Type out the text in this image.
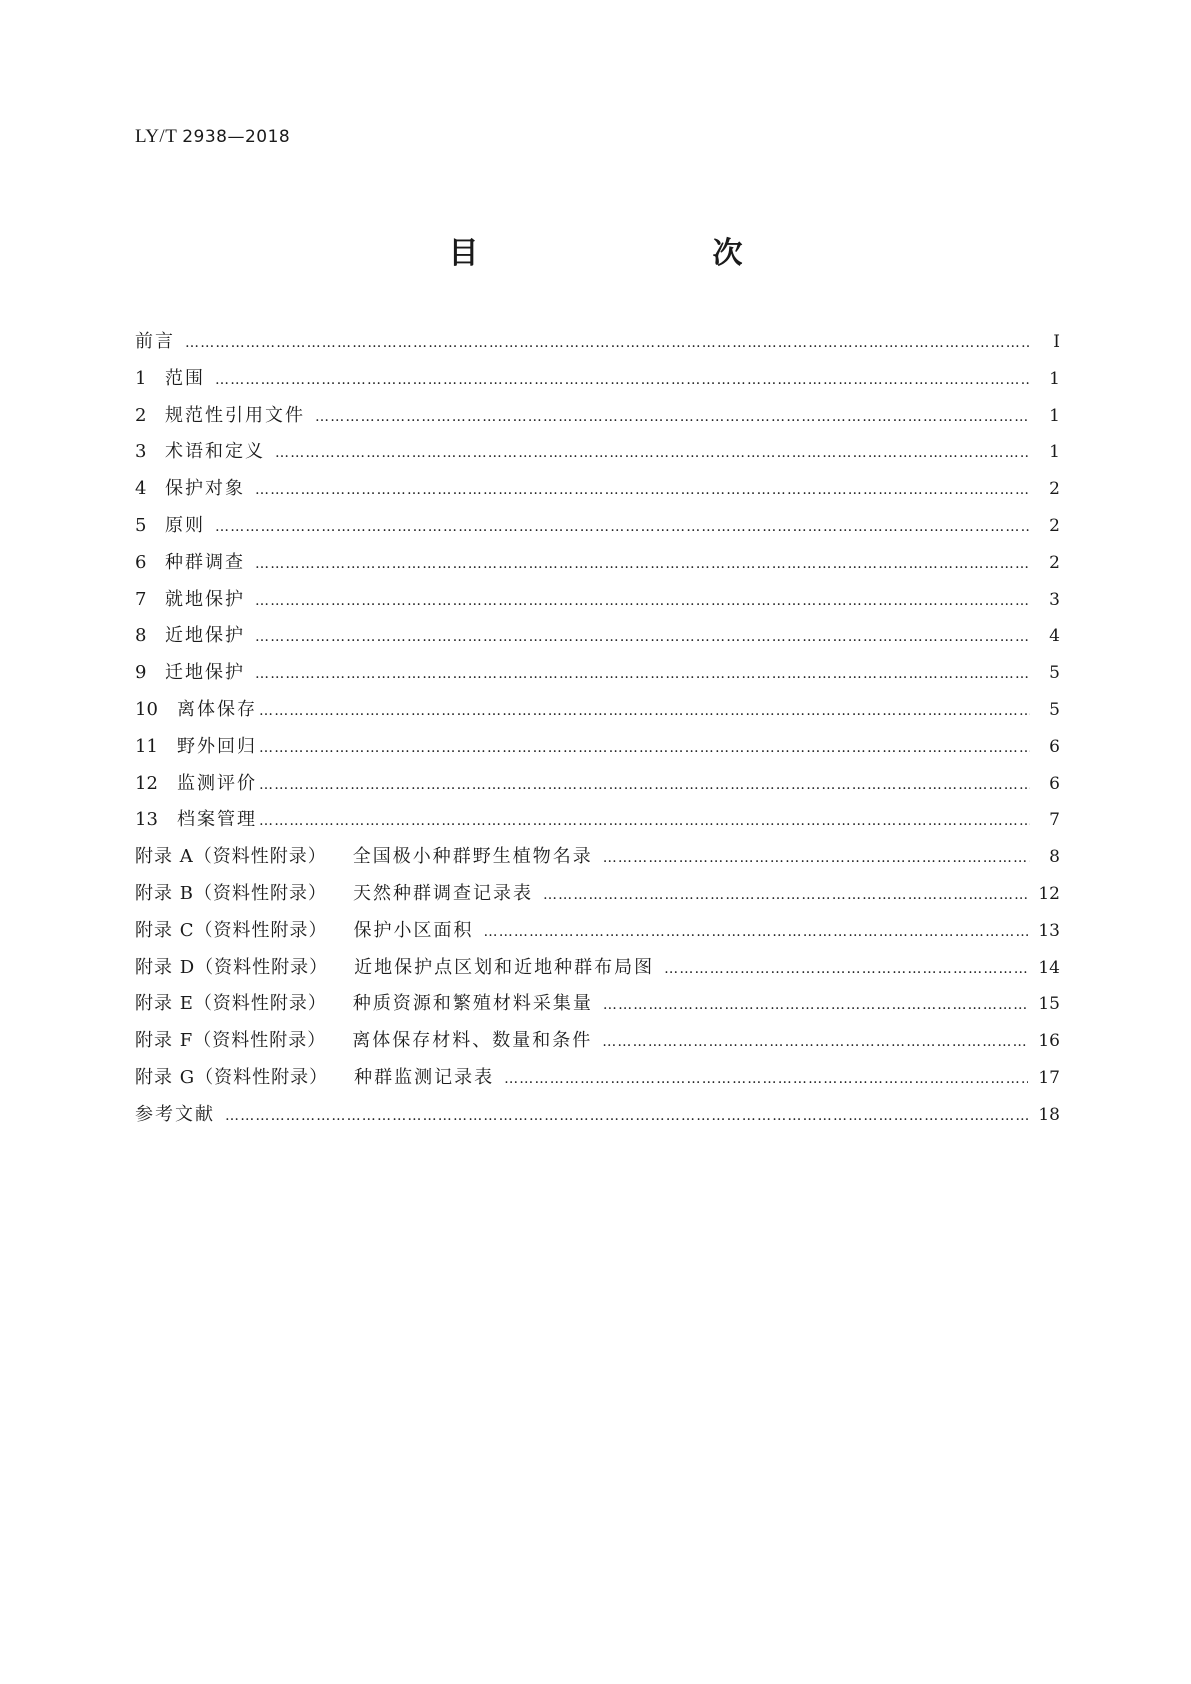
LY/T 2938—2018
目　　次
前言 ………………………………………………………………………………………………………………………………………………………………………………………………………………………………………………	Ⅰ
1	范围 ………………………………………………………………………………………………………………………………………………………………………………………………………………………………………………	1
2	规范性引用文件 ………………………………………………………………………………………………………………………………………………………………………………………………………………………………………………	1
3	术语和定义 ………………………………………………………………………………………………………………………………………………………………………………………………………………………………………………	1
4	保护对象 ………………………………………………………………………………………………………………………………………………………………………………………………………………………………………………	2
5	原则 ………………………………………………………………………………………………………………………………………………………………………………………………………………………………………………	2
6	种群调查 ………………………………………………………………………………………………………………………………………………………………………………………………………………………………………………	2
7	就地保护 ………………………………………………………………………………………………………………………………………………………………………………………………………………………………………………	3
8	近地保护 ………………………………………………………………………………………………………………………………………………………………………………………………………………………………………………	4
9	迁地保护 ………………………………………………………………………………………………………………………………………………………………………………………………………………………………………………	5
10	离体保存 ………………………………………………………………………………………………………………………………………………………………………………………………………………………………………………	5
11	野外回归 ………………………………………………………………………………………………………………………………………………………………………………………………………………………………………………	6
12	监测评价 ………………………………………………………………………………………………………………………………………………………………………………………………………………………………………………	6
13	档案管理 ………………………………………………………………………………………………………………………………………………………………………………………………………………………………………………	7
附录 A（资料性附录） 全国极小种群野生植物名录 ………………………………………………………………………………………………………………………………………………………………………………………………………………………………………………	8
附录 B（资料性附录） 天然种群调查记录表 ………………………………………………………………………………………………………………………………………………………………………………………………………………………………………………	12
附录 C（资料性附录） 保护小区面积 ………………………………………………………………………………………………………………………………………………………………………………………………………………………………………………	13
附录 D（资料性附录） 近地保护点区划和近地种群布局图 ………………………………………………………………………………………………………………………………………………………………………………………………………………………………………………	14
附录 E（资料性附录） 种质资源和繁殖材料采集量 ………………………………………………………………………………………………………………………………………………………………………………………………………………………………………………	15
附录 F（资料性附录） 离体保存材料、数量和条件 ………………………………………………………………………………………………………………………………………………………………………………………………………………………………………………	16
附录 G（资料性附录） 种群监测记录表 ………………………………………………………………………………………………………………………………………………………………………………………………………………………………………………	17
参考文献 ………………………………………………………………………………………………………………………………………………………………………………………………………………………………………………	18
